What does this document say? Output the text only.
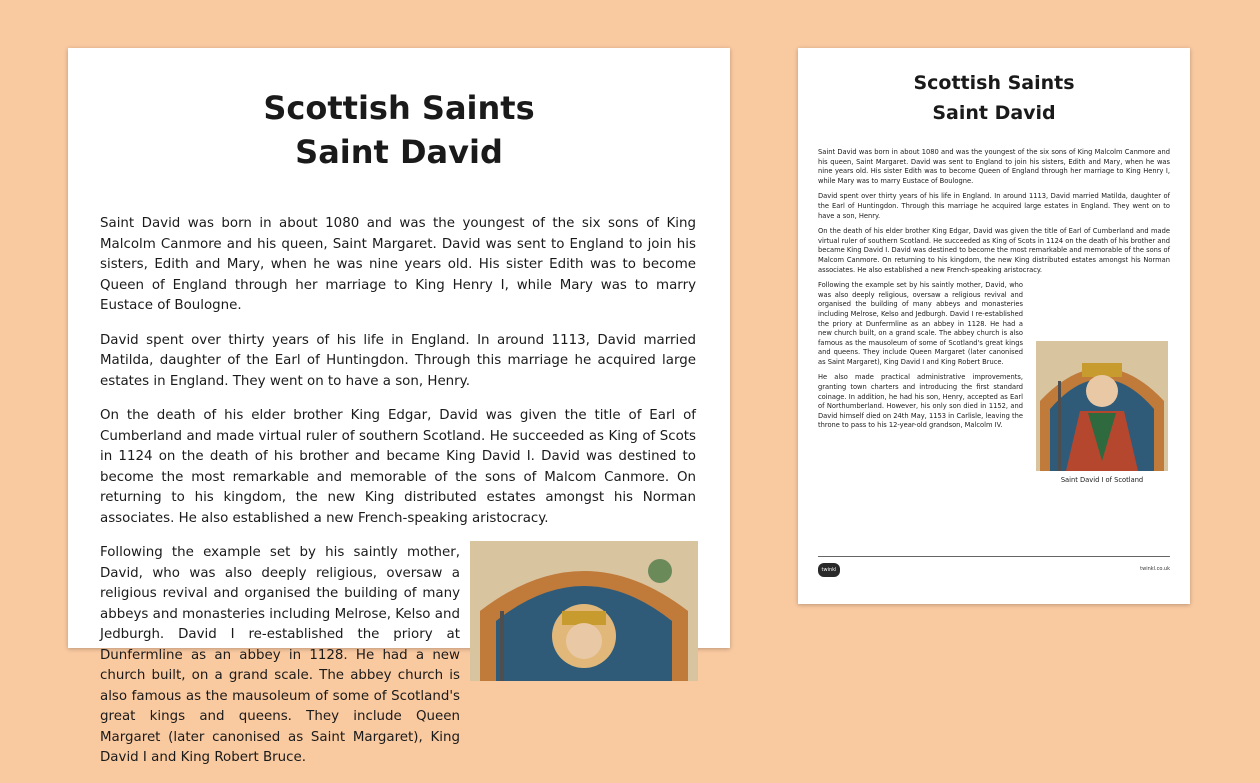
Scottish Saints
Saint David

Saint David was born in about 1080 and was the youngest of the six sons of King Malcolm Canmore and his queen, Saint Margaret. David was sent to England to join his sisters, Edith and Mary, when he was nine years old. His sister Edith was to become Queen of England through her marriage to King Henry I, while Mary was to marry Eustace of Boulogne.

David spent over thirty years of his life in England. In around 1113, David married Matilda, daughter of the Earl of Huntingdon. Through this marriage he acquired large estates in England. They went on to have a son, Henry.

On the death of his elder brother King Edgar, David was given the title of Earl of Cumberland and made virtual ruler of southern Scotland. He succeeded as King of Scots in 1124 on the death of his brother and became King David I. David was destined to become the most remarkable and memorable of the sons of Malcom Canmore. On returning to his kingdom, the new King distributed estates amongst his Norman associates. He also established a new French-speaking aristocracy.

Following the example set by his saintly mother, David, who was also deeply religious, oversaw a religious revival and organised the building of many abbeys and monasteries including Melrose, Kelso and Jedburgh. David I re-established the priory at Dunfermline as an abbey in 1128. He had a new church built, on a grand scale. The abbey church is also famous as the mausoleum of some of Scotland's great kings and queens. They include Queen Margaret (later canonised as Saint Margaret), King David I and King Robert Bruce.

Scottish Saints
Saint David

Saint David was born in about 1080 and was the youngest of the six sons of King Malcolm Canmore and his queen, Saint Margaret. David was sent to England to join his sisters, Edith and Mary, when he was nine years old. His sister Edith was to become Queen of England through her marriage to King Henry I, while Mary was to marry Eustace of Boulogne.

David spent over thirty years of his life in England. In around 1113, David married Matilda, daughter of the Earl of Huntingdon. Through this marriage he acquired large estates in England. They went on to have a son, Henry.

On the death of his elder brother King Edgar, David was given the title of Earl of Cumberland and made virtual ruler of southern Scotland. He succeeded as King of Scots in 1124 on the death of his brother and became King David I. David was destined to become the most remarkable and memorable of the sons of Malcom Canmore. On returning to his kingdom, the new King distributed estates amongst his Norman associates. He also established a new French-speaking aristocracy.

Following the example set by his saintly mother, David, who was also deeply religious, oversaw a religious revival and organised the building of many abbeys and monasteries including Melrose, Kelso and Jedburgh. David I re-established the priory at Dunfermline as an abbey in 1128. He had a new church built, on a grand scale. The abbey church is also famous as the mausoleum of some of Scotland's great kings and queens. They include Queen Margaret (later canonised as Saint Margaret), King David I and King Robert Bruce.

He also made practical administrative improvements, granting town charters and introducing the first standard coinage. In addition, he had his son, Henry, accepted as Earl of Northumberland. However, his only son died in 1152, and David himself died on 24th May, 1153 in Carlisle, leaving the throne to pass to his 12-year-old grandson, Malcolm IV.

Saint David I of Scotland
twinkl	twinkl.co.uk
